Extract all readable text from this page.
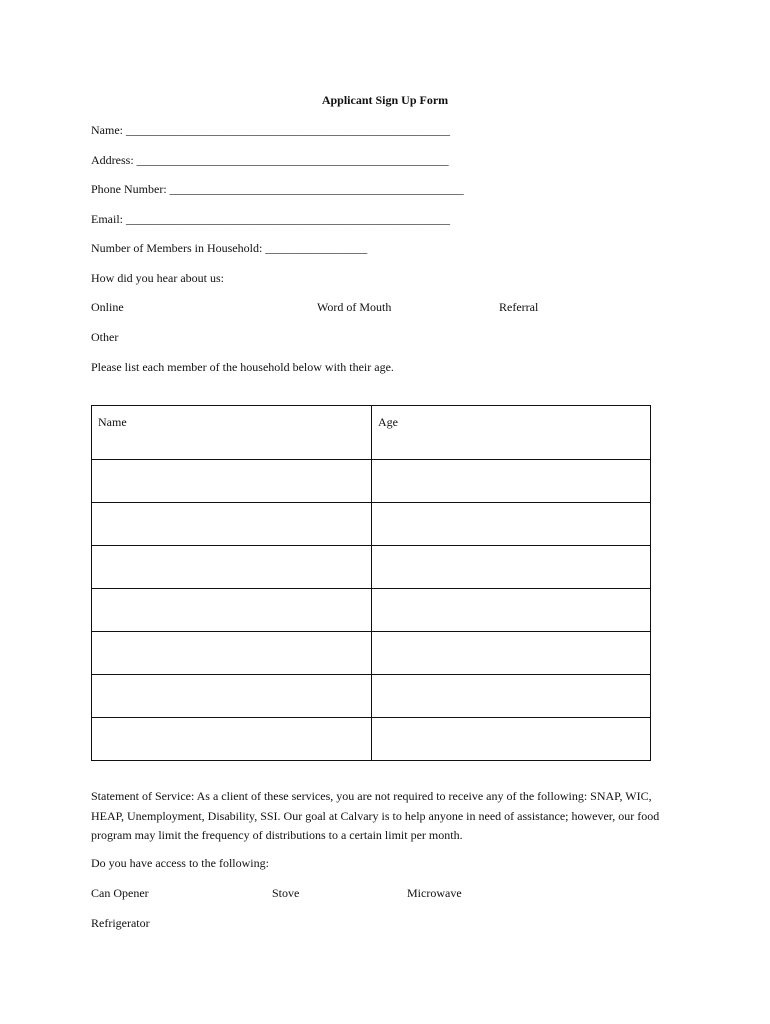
Applicant Sign Up Form
Name: ______________________________________________________
Address: ____________________________________________________
Phone Number: _________________________________________________
Email: ______________________________________________________
Number of Members in Household: _________________
How did you hear about us:
Online	Word of Mouth	Referral
Other
Please list each member of the household below with their age.
Name	Age

Statement of Service: As a client of these services, you are not required to receive any of the following: SNAP, WIC, HEAP, Unemployment, Disability, SSI. Our goal at Calvary is to help anyone in need of assistance; however, our food program may limit the frequency of distributions to a certain limit per month.
Do you have access to the following:
Can Opener	Stove	Microwave
Refrigerator
